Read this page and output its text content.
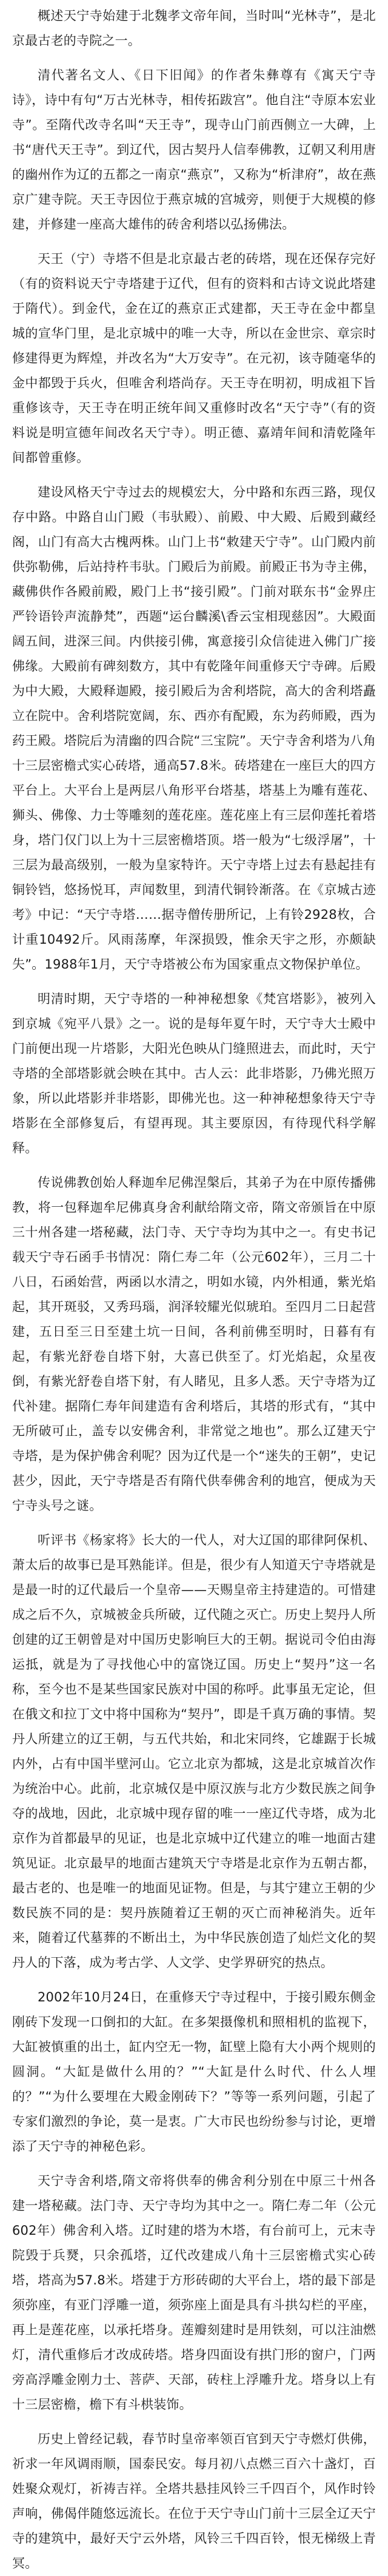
概述天宁寺始建于北魏孝文帝年间，当时叫“光林寺”，是北京最古老的寺院之一。

清代著名文人、《日下旧闻》的作者朱彝尊有《寓天宁寺诗》，诗中有句“万古光林寺，相传拓跋宫”。他自注“寺原本宏业寺”。至隋代改寺名叫“天王寺”，现寺山门前西侧立一大碑，上书“唐代天王寺”。到辽代，因古契丹人信奉佛教，辽朝又利用唐的幽州作为辽的五都之一南京“燕京”，又称为“析津府”，故在燕京广建寺院。天王寺因位于燕京城的宫城旁，则便于大规模的修建，并修建一座高大雄伟的砖舍利塔以弘扬佛法。

天王（宁）寺塔不但是北京最古老的砖塔，现在还保存完好（有的资料说天宁寺塔建于辽代，但有的资料和古诗文说此塔建于隋代）。到金代，金在辽的燕京正式建都，天王寺在金中都皇城的宣华门里，是北京城中的唯一大寺，所以在金世宗、章宗时修建得更为辉煌，并改名为“大万安寺”。在元初，该寺随毫华的金中都毁于兵火，但唯舍利塔尚存。天王寺在明初，明成祖下旨重修该寺，天王寺在明正统年间又重修时改名“天宁寺”（有的资料说是明宣德年间改名天宁寺）。明正德、嘉靖年间和清乾隆年间都曾重修。

建设风格天宁寺过去的规模宏大，分中路和东西三路，现仅存中路。中路自山门殿（韦驮殿）、前殿、中大殿、后殿到藏经阁，山门有高大古槐两株。山门上书“敕建天宁寺”。山门殿内前供弥勒佛，后站持杵韦驮。门殿后为前殿。前殿正书为寺主佛，藏佛供作各殿前殿，殿门上书“接引殿”。门前对联东书“金界庄严铃语铃声流静梵”，西题“运台麟溪\香云宝相现慈因”。大殿面阔五间，进深三间。内供接引佛，寓意接引众信徒进入佛门广接佛缘。大殿前有碑刻数方，其中有乾隆年间重修天宁寺碑。后殿为中大殿，大殿释迦殿，接引殿后为舍利塔院，高大的舍利塔矗立在院中。舍利塔院宽阔，东、西亦有配殿，东为药师殿，西为药王殿。塔院后为清幽的四合院“三宝院”。天宁寺舍利塔为八角十三层密檐式实心砖塔，通高57.8米。砖塔建在一座巨大的四方平台上。大平台上是两层八角形平台塔基，塔基上为雕有莲花、狮头、佛像、力士等雕刻的莲花座。莲花座上有三层仰莲托着塔身，塔门仅门以上为十三层密檐塔顶。塔一般为“七级浮屠”，十三层为最高级别，一般为皇家特许。天宁寺塔上过去有悬起挂有铜铃铛，悠扬悦耳，声闻数里，到清代铜铃渐落。在《京城古迹考》中记：“天宁寺塔……据寺僧传册所记，上有铃2928枚，合计重10492斤。风雨荡摩，年深损毁，惟余天宇之形，亦颇缺失”。1988年1月，天宁寺塔被公布为国家重点文物保护单位。

明清时期，天宁寺塔的一种神秘想象《梵宫塔影》，被列入到京城《宛平八景》之一。说的是每年夏午时，天宁寺大士殿中门前便出现一片塔影，大阳光色映从门缝照进去，而此时，天宁寺塔的全部塔影就会映在其中。古人云：此非塔影，乃佛光照万象，所以此塔影并非塔影，即佛光也。这一种神秘想象待天宁寺塔影在全部修复后，有望再现。其主要原因，有待现代科学解释。

传说佛教创始人释迦牟尼佛涅槃后，其弟子为在中原传播佛教，将一包释迦牟尼佛真身舍利献给隋文帝，隋文帝颁旨在中原三十州各建一塔秘藏，法门寺、天宁寺均为其中之一。有史书记载天宁寺石函手书情况：隋仁寿二年（公元602年），三月二十八日，石函始营，两函以水清之，明如水镜，内外相通，紫光焰起，其开斑驳，又秀玛瑙，润泽较耀光似琥珀。至四月二日起营建，五日至三日至建土坑一日间，各利前佛至明时，日暮有有起，有紫光舒卷自塔下射，大喜已供至了。灯光焰起，众星夜倒，有紫光舒卷自塔下射，有人睹见，且多人悉。天宁寺塔为辽代补建。据隋仁寿年间建造有舍利塔后，其塔的形式有，“其中无所破可止，盖专以安佛舍利，非常觉之地也”。那么辽建天宁寺塔，是为保护佛舍利呢？因为辽代是一个“迷失的王朝”，史记甚少，因此，天宁寺塔是否有隋代供奉佛舍利的地宫，便成为天宁寺头号之谜。

听评书《杨家将》长大的一代人，对大辽国的耶律阿保机、萧太后的故事已是耳熟能详。但是，很少有人知道天宁寺塔就是是最一时的辽代最后一个皇帝——天赐皇帝主持建造的。可惜建成之后不久，京城被金兵所破，辽代随之灭亡。历史上契丹人所创建的辽王朝曾是对中国历史影响巨大的王朝。据说司令伯由海运抵，就是为了寻找他心中的富饶辽国。历史上“契丹”这一名称，至今也不是某些国家民族对中国的称呼。此事虽无定论，但在俄文和拉丁文中将中国称为“契丹”，即是千真万确的事情。契丹人所建立的辽王朝，与五代共始，和北宋同终，它雄踞于长城内外，占有中国半壁河山。它立北京为都城，这是北京城首次作为统治中心。此前，北京城仅是中原汉族与北方少数民族之间争夺的战地，因此，北京城中现存留的唯一一座辽代寺塔，成为北京作为首都最早的见证，也是北京城中辽代建立的唯一地面古建筑见证。北京最早的地面古建筑天宁寺塔是北京作为五朝古都，最古老的、也是唯一的地面见证物。但是，与其宁建立王朝的少数民族不同的是：契丹族随着辽王朝的灭亡而神秘消失。近年来，随着辽代墓葬的不断出土，为中华民族创造了灿烂文化的契丹人的下落，成为考古学、人文学、史学界研究的热点。

2002年10月24日，在重修天宁寺过程中，于接引殿东侧金刚砖下发现一口倒扣的大缸。在多架摄像机和照相机的监视下，大缸被慎重的出土，缸内空无一物，缸壁上隐有大小两个规则的圆洞。“大缸是做什么用的？”“大缸是什么时代、什么人埋的？”“为什么要埋在大殿金刚砖下？”等等一系列问题，引起了专家们激烈的争论，莫一是衷。广大市民也纷纷参与讨论，更增添了天宁寺的神秘色彩。

天宁寺舍利塔,隋文帝将供奉的佛舍利分别在中原三十州各建一塔秘藏。法门寺、天宁寺均为其中之一。隋仁寿二年（公元602年）佛舍利入塔。辽时建的塔为木塔，有台前可上，元末寺院毁于兵燹，只余孤塔，辽代改建成八角十三层密檐式实心砖塔，塔高为57.8米。塔建于方形砖砌的大平台上，塔的最下部是须弥座，有亚门浮雕一道，须弥座上面是具有斗拱勾栏的平座，再上是莲花座，以承托塔身。莲瓣刻建时是用铁刻，可以注油燃灯，清代重修后才改成砖塔。塔身四面设有拱门形的窗户，门两旁高浮雕金刚力士、菩萨、天部，砖柱上浮雕升龙。塔身以上有十三层密檐，檐下有斗栱装饰。

历史上曾经记载，春节时皇帝率领百官到天宁寺燃灯供佛，祈求一年风调雨顺，国泰民安。每月初八点燃三百六十盏灯，百姓聚众观灯，祈祷吉祥。全塔共悬挂风铃三千四百个，风作时铃声响，佛偈伴随悠远流长。在位于天宁寺山门前十三层全辽天宁寺的建筑中，最好天宁云外塔，风铃三千四百铃，恨无梯级上青冥。
